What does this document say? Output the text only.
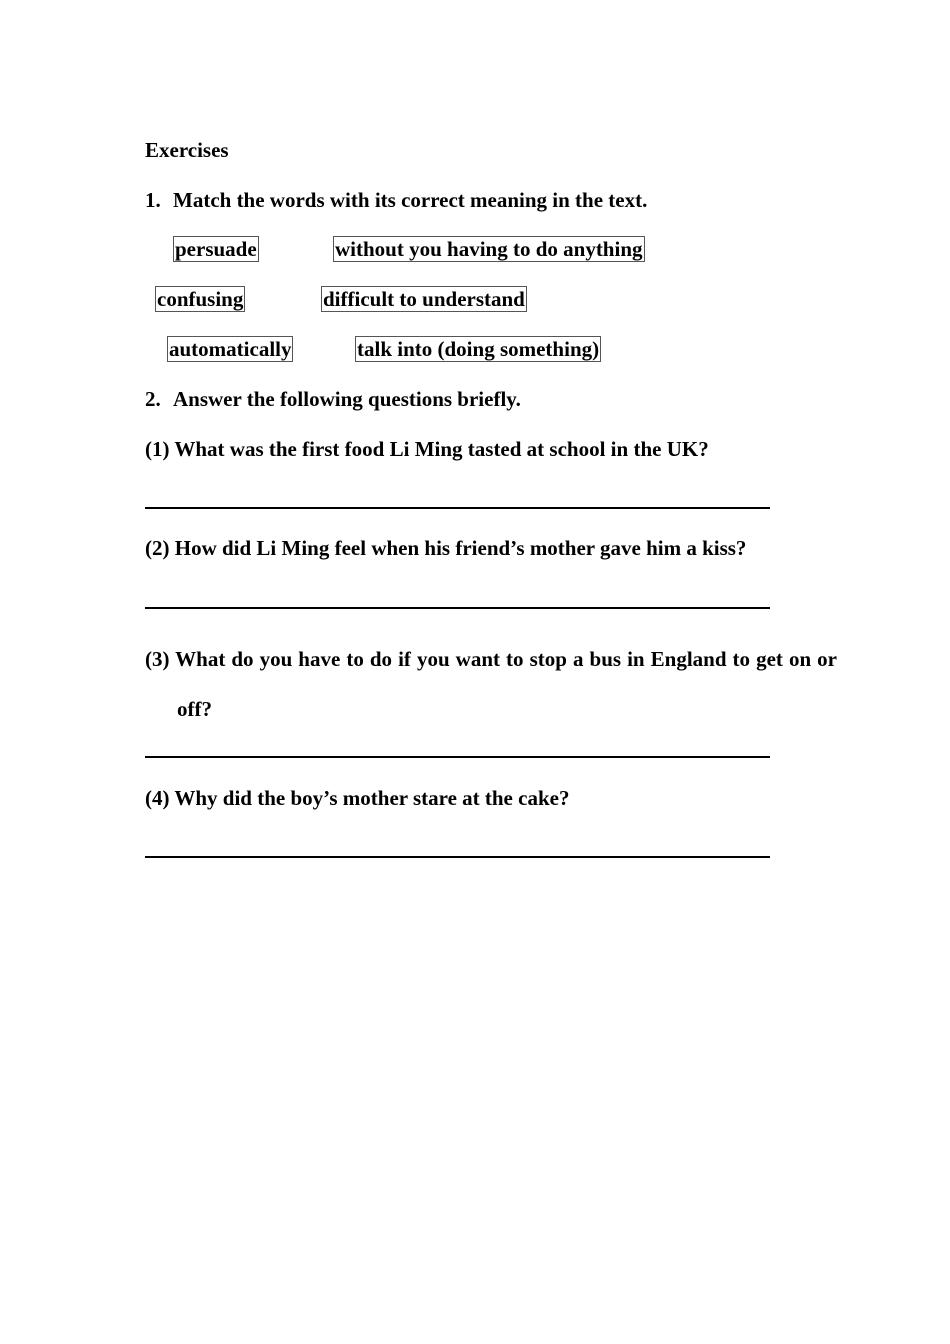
Exercises
1. Match the words with its correct meaning in the text.
persuade	without you having to do anything
confusing	difficult to understand
automatically	talk into (doing something)
2. Answer the following questions briefly.
(1) What was the first food Li Ming tasted at school in the UK?
(2) How did Li Ming feel when his friend’s mother gave him a kiss?
(3) What do you have to do if you want to stop a bus in England to get on or off?
(4) Why did the boy’s mother stare at the cake?
